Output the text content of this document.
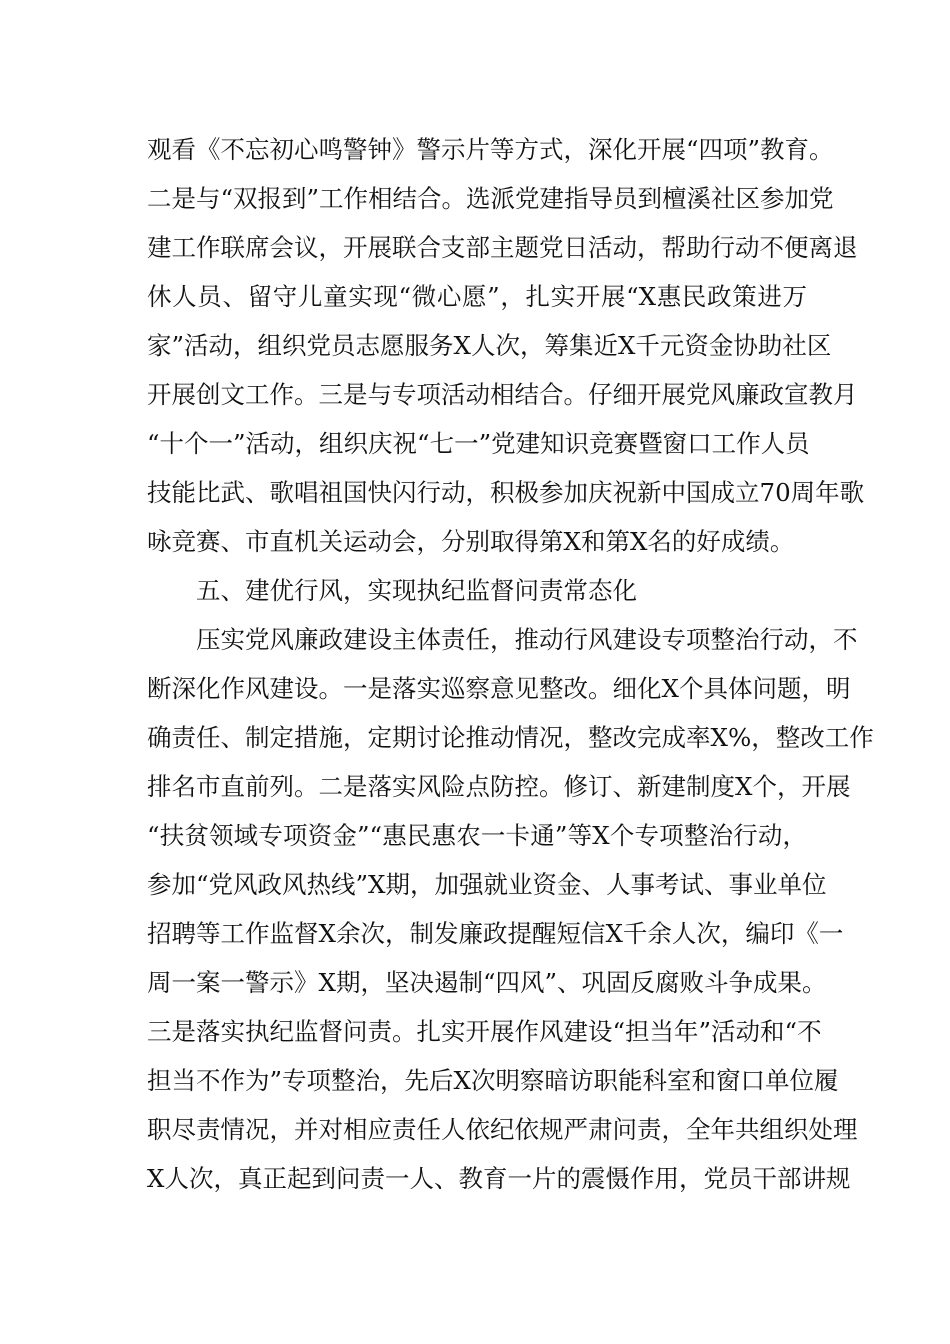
观看《不忘初心鸣警钟》警示片等方式，深化开展“四项”教育。
二是与“双报到”工作相结合。选派党建指导员到檀溪社区参加党
建工作联席会议，开展联合支部主题党日活动，帮助行动不便离退
休人员、留守儿童实现“微心愿”，扎实开展“X惠民政策进万
家”活动，组织党员志愿服务X人次，筹集近X千元资金协助社区
开展创文工作。三是与专项活动相结合。仔细开展党风廉政宣教月
“十个一”活动，组织庆祝“七一”党建知识竞赛暨窗口工作人员
技能比武、歌唱祖国快闪行动，积极参加庆祝新中国成立70周年歌
咏竞赛、市直机关运动会，分别取得第X和第X名的好成绩。
五、建优行风，实现执纪监督问责常态化
压实党风廉政建设主体责任，推动行风建设专项整治行动，不
断深化作风建设。一是落实巡察意见整改。细化X个具体问题，明
确责任、制定措施，定期讨论推动情况，整改完成率X%，整改工作
排名市直前列。二是落实风险点防控。修订、新建制度X个，开展
“扶贫领域专项资金”“惠民惠农一卡通”等X个专项整治行动，
参加“党风政风热线”X期，加强就业资金、人事考试、事业单位
招聘等工作监督X余次，制发廉政提醒短信X千余人次，编印《一
周一案一警示》X期，坚决遏制“四风”、巩固反腐败斗争成果。
三是落实执纪监督问责。扎实开展作风建设“担当年”活动和“不
担当不作为”专项整治，先后X次明察暗访职能科室和窗口单位履
职尽责情况，并对相应责任人依纪依规严肃问责，全年共组织处理
X人次，真正起到问责一人、教育一片的震慑作用，党员干部讲规
